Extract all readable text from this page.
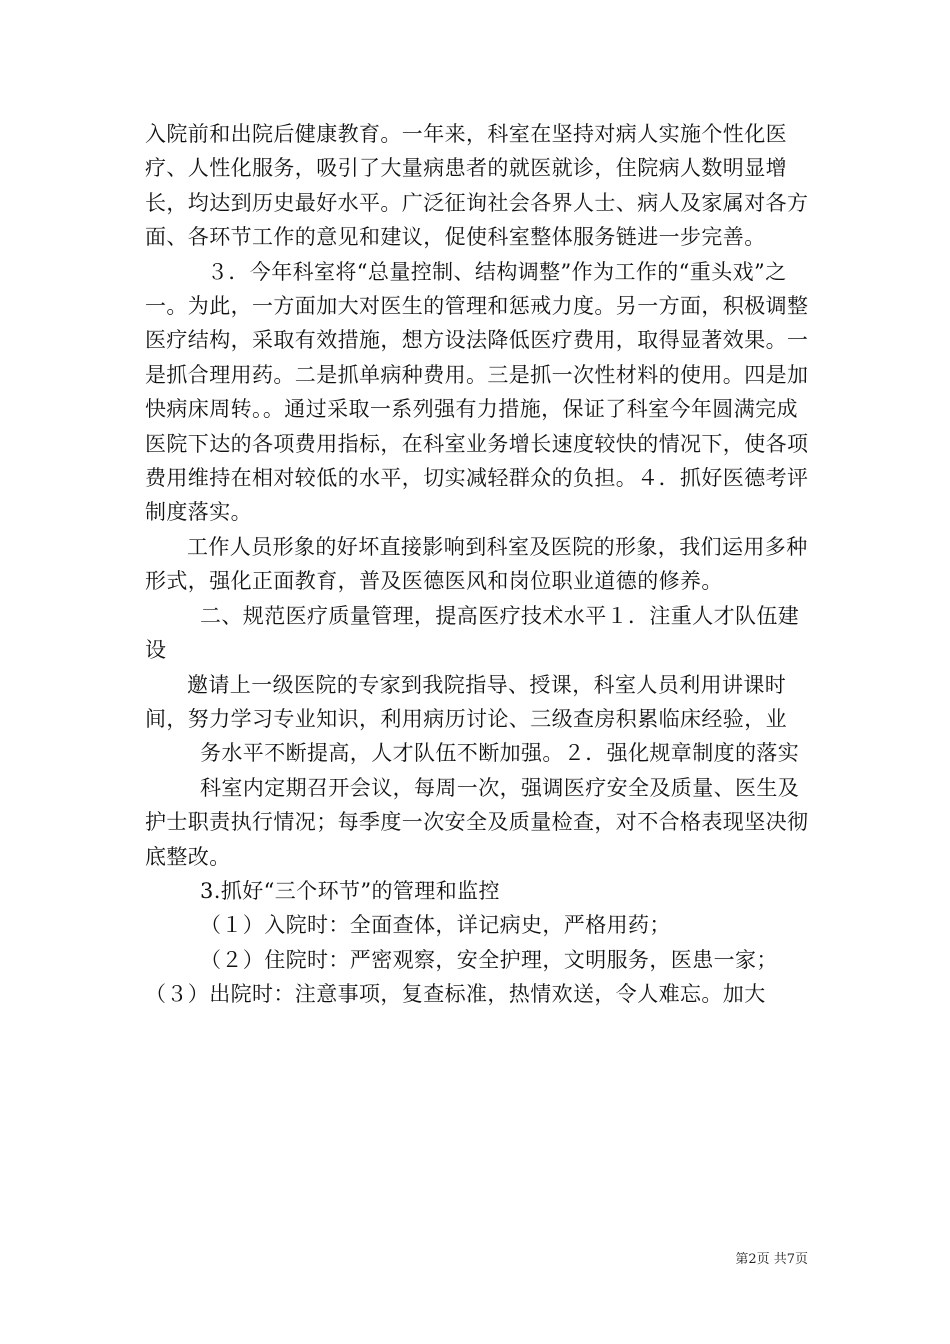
入院前和出院后健康教育。一年来，科室在坚持对病人实施个性化医疗、人性化服务，吸引了大量病患者的就医就诊，住院病人数明显增长，均达到历史最好水平。广泛征询社会各界人士、病人及家属对各方面、各环节工作的意见和建议，促使科室整体服务链进一步完善。

３．今年科室将“总量控制、结构调整”作为工作的“重头戏”之一。为此，一方面加大对医生的管理和惩戒力度。另一方面，积极调整医疗结构，采取有效措施，想方设法降低医疗费用，取得显著效果。一是抓合理用药。二是抓单病种费用。三是抓一次性材料的使用。四是加快病床周转。。通过采取一系列强有力措施，保证了科室今年圆满完成医院下达的各项费用指标，在科室业务增长速度较快的情况下，使各项费用维持在相对较低的水平，切实减轻群众的负担。４．抓好医德考评制度落实。

工作人员形象的好坏直接影响到科室及医院的形象，我们运用多种形式，强化正面教育，普及医德医风和岗位职业道德的修养。

二、规范医疗质量管理，提高医疗技术水平１．注重人才队伍建设

邀请上一级医院的专家到我院指导、授课，科室人员利用讲课时间，努力学习专业知识，利用病历讨论、三级查房积累临床经验，业

务水平不断提高，人才队伍不断加强。２．强化规章制度的落实

科室内定期召开会议，每周一次，强调医疗安全及质量、医生及护士职责执行情况；每季度一次安全及质量检查，对不合格表现坚决彻底整改。

3.抓好“三个环节”的管理和监控

（１）入院时：全面查体，详记病史，严格用药；

（２）住院时：严密观察，安全护理，文明服务，医患一家；

（３）出院时：注意事项，复查标准，热情欢送，令人难忘。加大

第2页 共7页
